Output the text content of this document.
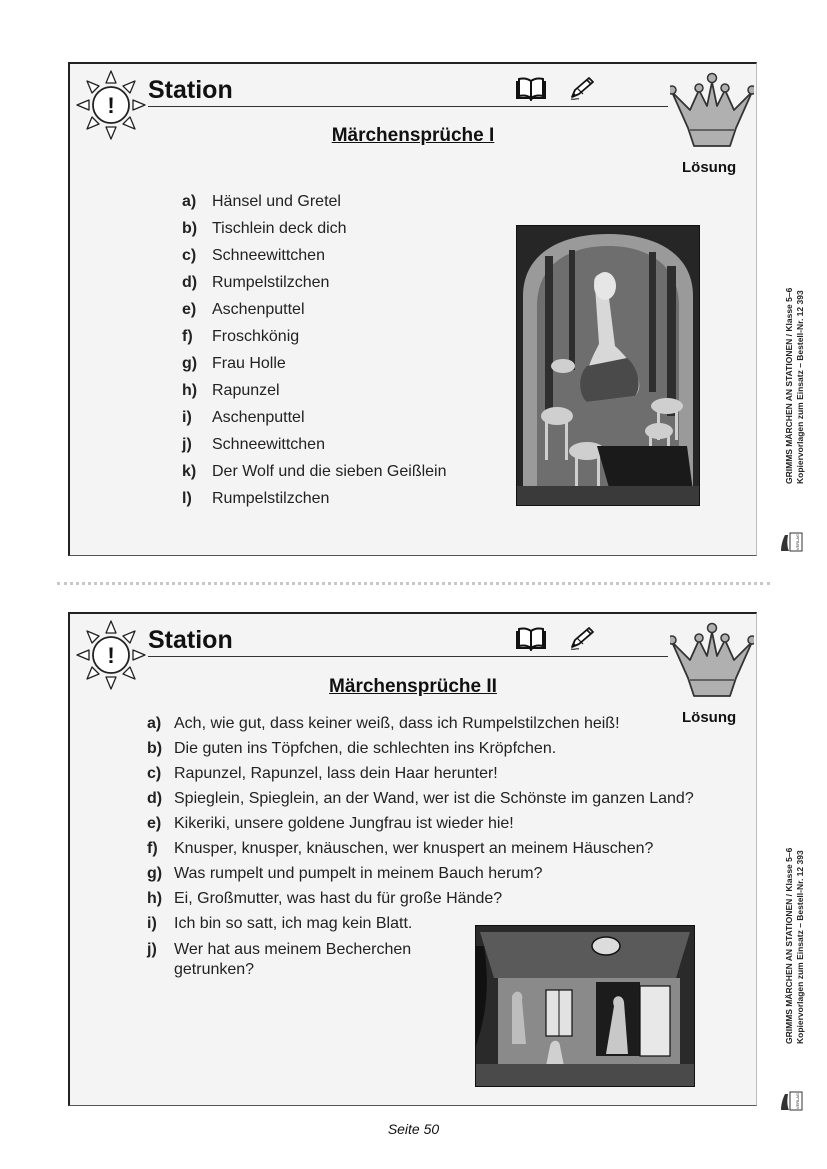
!
Station
Lösung
Märchensprüche I
a) Hänsel und Gretel
b) Tischlein deck dich
c) Schneewittchen
d) Rumpelstilzchen
e) Aschenputtel
f) Froschkönig
g) Frau Holle
h) Rapunzel
i) Aschenputtel
j) Schneewittchen
k) Der Wolf und die sieben Geißlein
l) Rumpelstilzchen
!
Station
Lösung
Märchensprüche II
a) Ach, wie gut, dass keiner weiß, dass ich Rumpelstilzchen heiß!
b) Die guten ins Töpfchen, die schlechten ins Kröpfchen.
c) Rapunzel, Rapunzel, lass dein Haar herunter!
d) Spieglein, Spieglein, an der Wand, wer ist die Schönste im ganzen Land?
e) Kikeriki, unsere goldene Jungfrau ist wieder hie!
f) Knusper, knusper, knäuschen, wer knuspert an meinem Häuschen?
g) Was rumpelt und pumpelt in meinem Bauch herum?
h) Ei, Großmutter, was hast du für große Hände?
i) Ich bin so satt, ich mag kein Blatt.
j) Wer hat aus meinem Becherchen getrunken?
GRIMMS MÄRCHEN AN STATIONEN / Klasse 5–6 Kopiervorlagen zum Einsatz – Bestell-Nr. 12 393
VERLAG
GRIMMS MÄRCHEN AN STATIONEN / Klasse 5–6 Kopiervorlagen zum Einsatz – Bestell-Nr. 12 393
VERLAG
Seite 50
